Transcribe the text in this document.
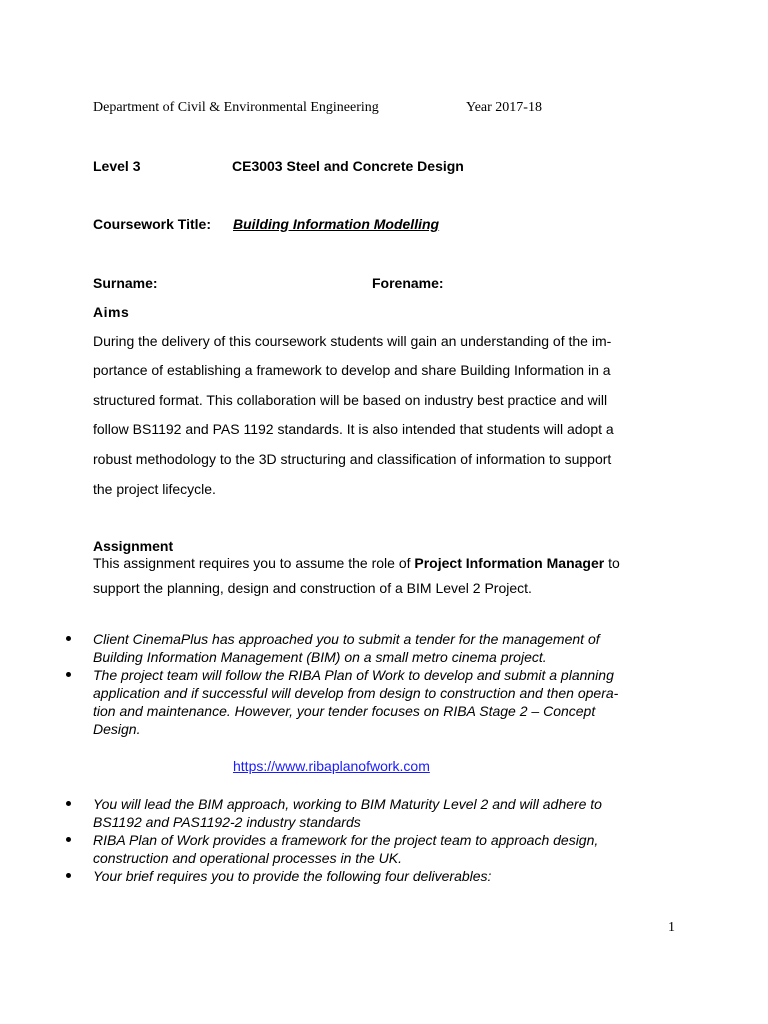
Department of Civil & Environmental Engineering	Year 2017-18
Level 3	CE3003 Steel and Concrete Design
Coursework Title: Building Information Modelling
Surname:	Forename:
Aims
During the delivery of this coursework students will gain an understanding of the im-
portance of establishing a framework to develop and share Building Information in a
structured format. This collaboration will be based on industry best practice and will
follow BS1192 and PAS 1192 standards. It is also intended that students will adopt a
robust methodology to the 3D structuring and classification of information to support
the project lifecycle.
Assignment
This assignment requires you to assume the role of Project Information Manager to
support the planning, design and construction of a BIM Level 2 Project.
Client CinemaPlus has approached you to submit a tender for the management of
Building Information Management (BIM) on a small metro cinema project.
The project team will follow the RIBA Plan of Work to develop and submit a planning
application and if successful will develop from design to construction and then opera-
tion and maintenance. However, your tender focuses on RIBA Stage 2 – Concept
Design.
https://www.ribaplanofwork.com
You will lead the BIM approach, working to BIM Maturity Level 2 and will adhere to
BS1192 and PAS1192-2 industry standards
RIBA Plan of Work provides a framework for the project team to approach design,
construction and operational processes in the UK.
Your brief requires you to provide the following four deliverables:
1
